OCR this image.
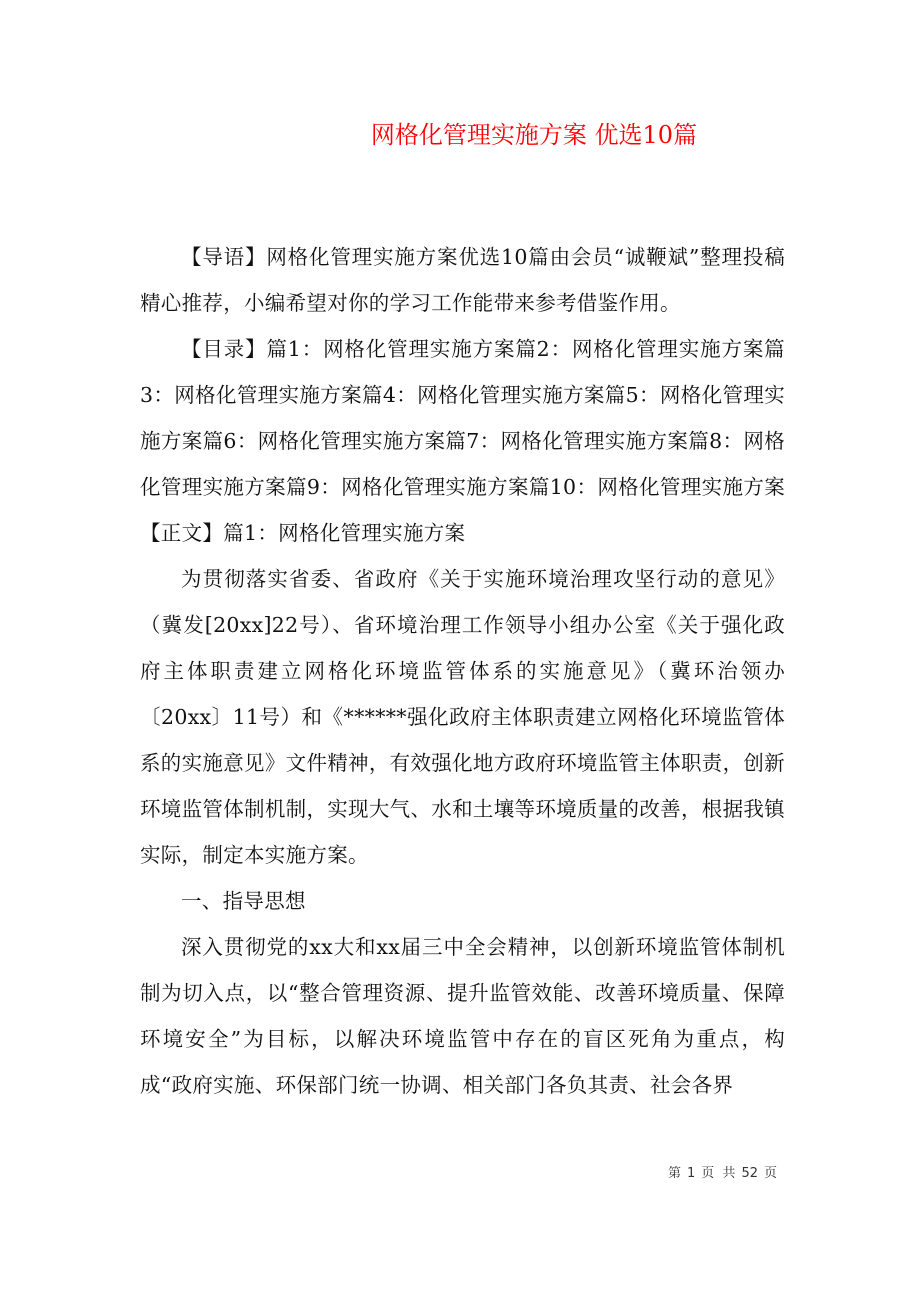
网格化管理实施方案 优选10篇

【导语】网格化管理实施方案优选10篇由会员“诚鞭斌”整理投稿精心推荐，小编希望对你的学习工作能带来参考借鉴作用。

【目录】篇1：网格化管理实施方案篇2：网格化管理实施方案篇3：网格化管理实施方案篇4：网格化管理实施方案篇5：网格化管理实施方案篇6：网格化管理实施方案篇7：网格化管理实施方案篇8：网格化管理实施方案篇9：网格化管理实施方案篇10：网格化管理实施方案【正文】篇1：网格化管理实施方案

为贯彻落实省委、省政府《关于实施环境治理攻坚行动的意见》（冀发[20xx]22号）、省环境治理工作领导小组办公室《关于强化政府主体职责建立网格化环境监管体系的实施意见》（冀环治领办〔20xx〕11号）和《******强化政府主体职责建立网格化环境监管体系的实施意见》文件精神，有效强化地方政府环境监管主体职责，创新环境监管体制机制，实现大气、水和土壤等环境质量的改善，根据我镇实际，制定本实施方案。

一、指导思想

深入贯彻党的xx大和xx届三中全会精神，以创新环境监管体制机制为切入点，以“整合管理资源、提升监管效能、改善环境质量、保障环境安全”为目标，以解决环境监管中存在的盲区死角为重点，构成“政府实施、环保部门统一协调、相关部门各负其责、社会各界

第 1 页 共 52 页
